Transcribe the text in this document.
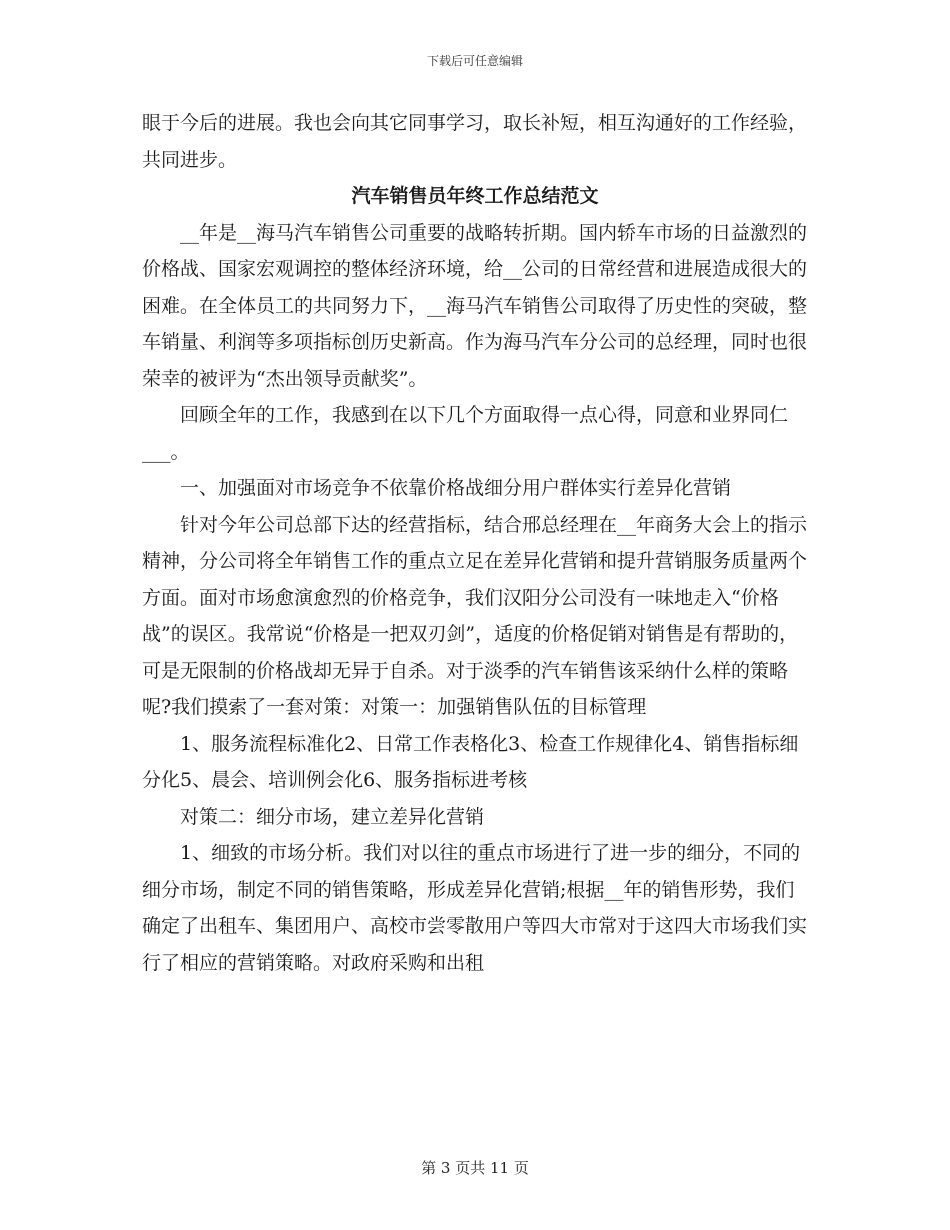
下载后可任意编辑

眼于今后的进展。我也会向其它同事学习，取长补短，相互沟通好的工作经验，共同进步。

汽车销售员年终工作总结范文

__年是__海马汽车销售公司重要的战略转折期。国内轿车市场的日益激烈的价格战、国家宏观调控的整体经济环境，给__公司的日常经营和进展造成很大的困难。在全体员工的共同努力下，__海马汽车销售公司取得了历史性的突破，整车销量、利润等多项指标创历史新高。作为海马汽车分公司的总经理，同时也很荣幸的被评为“杰出领导贡献奖”。

回顾全年的工作，我感到在以下几个方面取得一点心得，同意和业界同仁___。

一、加强面对市场竞争不依靠价格战细分用户群体实行差异化营销

针对今年公司总部下达的经营指标，结合邢总经理在__年商务大会上的指示精神，分公司将全年销售工作的重点立足在差异化营销和提升营销服务质量两个方面。面对市场愈演愈烈的价格竞争，我们汉阳分公司没有一味地走入“价格战”的误区。我常说“价格是一把双刃剑”，适度的价格促销对销售是有帮助的，可是无限制的价格战却无异于自杀。对于淡季的汽车销售该采纳什么样的策略呢?我们摸索了一套对策：对策一：加强销售队伍的目标管理

1、服务流程标准化2、日常工作表格化3、检查工作规律化4、销售指标细分化5、晨会、培训例会化6、服务指标进考核

对策二：细分市场，建立差异化营销

1、细致的市场分析。我们对以往的重点市场进行了进一步的细分，不同的细分市场，制定不同的销售策略，形成差异化营销;根据__年的销售形势，我们确定了出租车、集团用户、高校市尝零散用户等四大市常对于这四大市场我们实行了相应的营销策略。对政府采购和出租

第 3 页共 11 页
